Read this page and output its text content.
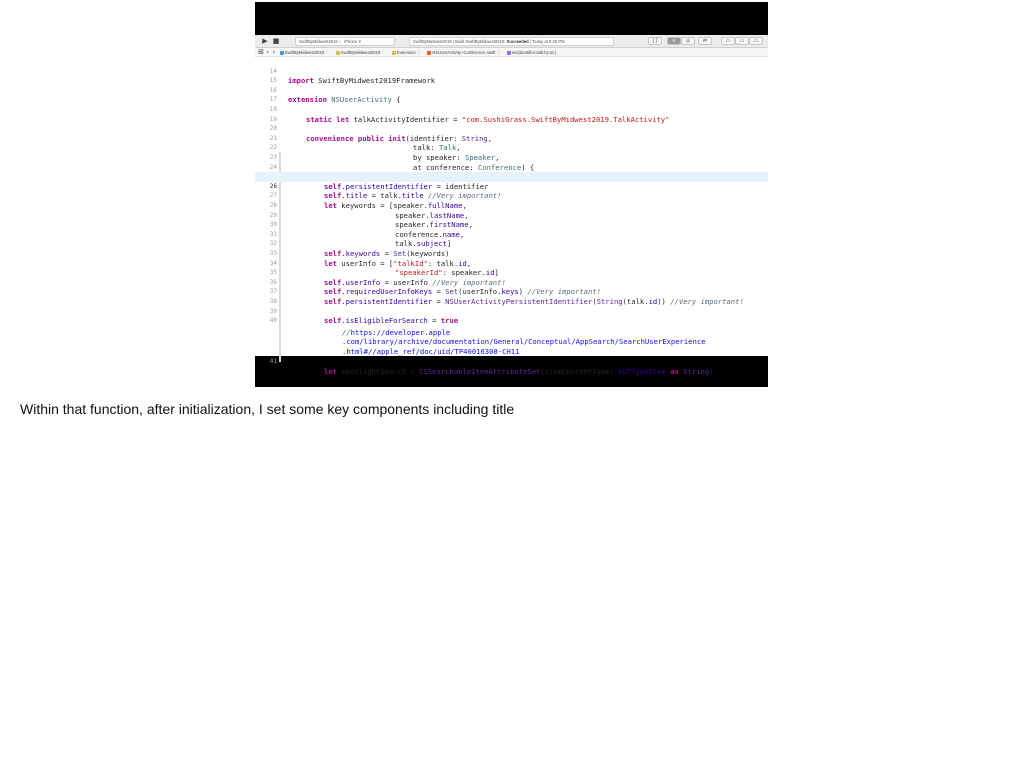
▶ ■	SwiftByMidwest2019 〉 iPhone X	SwiftByMidwest2019 | Build SwiftByMidwest2019: Succeeded | Today at 8:28 PM	[ ]	≡	◎	⇄	▭	▭	▭
⊞ ‹ › SwiftByMidwest2019 〉 SwiftByMidwest2019 〉 Extension 〉 NSUserActivity+Conference.swift 〉 init(identifier:talk:by:at:)

14

import SwiftByMidwest2019Framework

15

16

extension NSUserActivity {

17

18

static let talkActivityIdentifier = "com.SushiGrass.SwiftByMidwest2019.TalkActivity"

19

20

convenience public init(identifier: String,

21

talk: Talk,

22

by speaker: Speaker,

23

at conference: Conference) {

24

self.persistentIdentifier = identifier

26

self.title = talk.title //Very important!

27

let keywords = [speaker.fullName,

28

speaker.lastName,

29

speaker.firstName,

30

conference.name,

31

talk.subject]

32

self.keywords = Set(keywords)

33

let userInfo = ["talkId": talk.id,

34

"speakerId": speaker.id]

35

self.userInfo = userInfo //Very important!

36

self.requiredUserInfoKeys = Set(userInfo.keys) //Very important!

37

self.persistentIdentifier = NSUserActivityPersistentIdentifier(String(talk.id)) //Very important!

38

39

self.isEligibleForSearch = true

40

//https://developer.apple

.com/library/archive/documentation/General/Conceptual/AppSearch/SearchUserExperience

.html#//apple_ref/doc/uid/TP40016308-CH11

41

let spotlightSearch = CSSearchableItemAttributeSet(itemContentType: kUTTypeItem as String)

Within that function, after initialization, I set some key components including title
